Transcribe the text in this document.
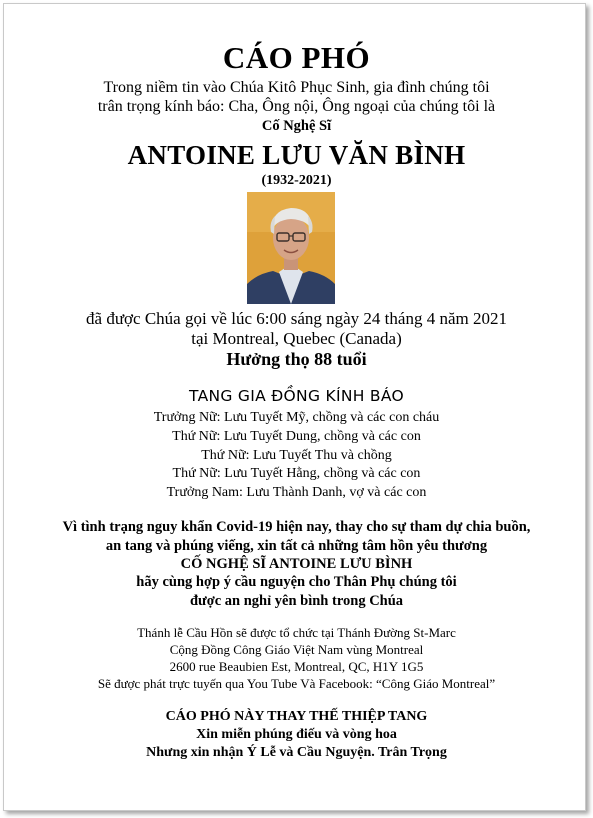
CÁO PHÓ
Trong niềm tin vào Chúa Kitô Phục Sinh, gia đình chúng tôi
trân trọng kính báo: Cha, Ông nội, Ông ngoại của chúng tôi là
Cố Nghệ Sĩ
ANTOINE LƯU VĂN BÌNH
(1932-2021)
đã được Chúa gọi về lúc 6:00 sáng ngày 24 tháng 4 năm 2021
tại Montreal, Quebec (Canada)
Hưởng thọ 88 tuổi
TANG GIA ĐỒNG KÍNH BÁO
Trưởng Nữ: Lưu Tuyết Mỹ, chồng và các con cháu
Thứ Nữ: Lưu Tuyết Dung, chồng và các con
Thứ Nữ: Lưu Tuyết Thu và chồng
Thứ Nữ: Lưu Tuyết Hằng, chồng và các con
Trưởng Nam: Lưu Thành Danh, vợ và các con
Vì tình trạng nguy khẩn Covid-19 hiện nay, thay cho sự tham dự chia buồn,
an tang và phúng viếng, xin tất cả những tâm hồn yêu thương
CỐ NGHỆ SĨ ANTOINE LƯU BÌNH
hãy cùng hợp ý cầu nguyện cho Thân Phụ chúng tôi
được an nghỉ yên bình trong Chúa
Thánh lễ Cầu Hồn sẽ được tổ chức tại Thánh Đường St-Marc
Cộng Đồng Công Giáo Việt Nam vùng Montreal
2600 rue Beaubien Est, Montreal, QC, H1Y 1G5
Sẽ được phát trực tuyến qua You Tube Và Facebook: “Công Giáo Montreal”
CÁO PHÓ NÀY THAY THẾ THIỆP TANG
Xin miễn phúng điếu và vòng hoa
Nhưng xin nhận Ý Lễ và Cầu Nguyện. Trân Trọng
